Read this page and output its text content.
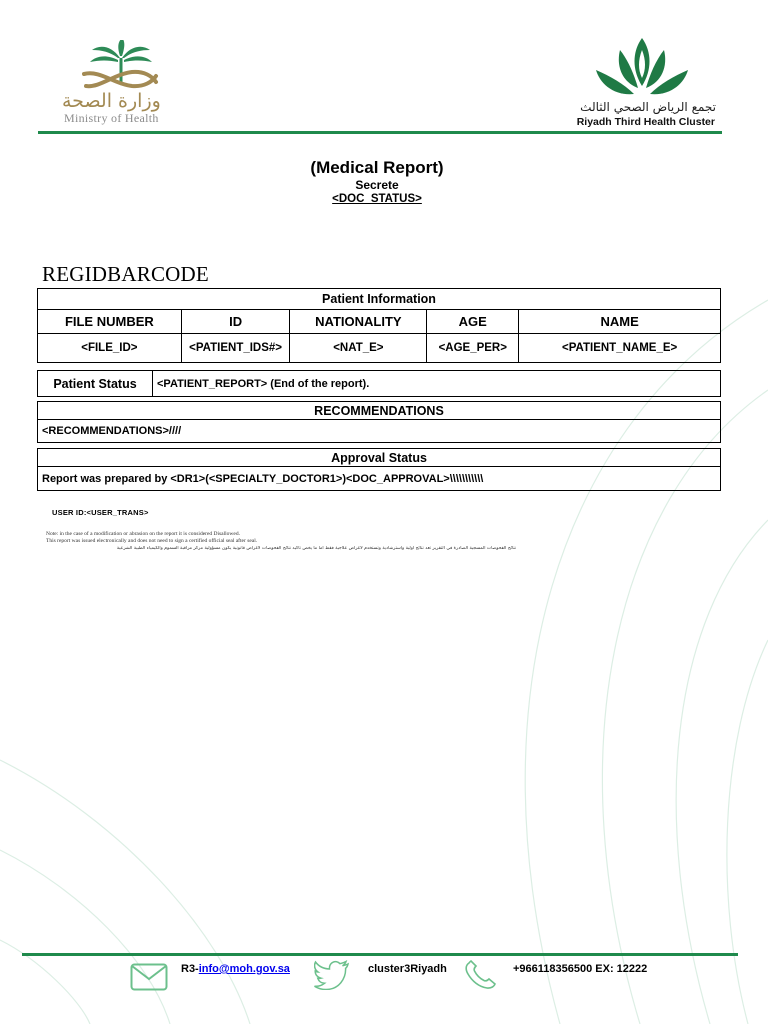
وزارة الصحة
Ministry of Health
تجمع الرياض الصحي الثالث
Riyadh Third Health Cluster
(Medical Report)
Secrete
<DOC_STATUS>
REGIDBARCODE
Patient Information				
FILE NUMBER	ID	NATIONALITY	AGE	NAME
<FILE_ID>	<PATIENT_IDS#>	<NAT_E>	<AGE_PER>	<PATIENT_NAME_E>
Patient Status	<PATIENT_REPORT> (End of the report).
RECOMMENDATIONS
<RECOMMENDATIONS>////
Approval Status
Report was prepared by <DR1>(<SPECIALTY_DOCTOR1>)<DOC_APPROVAL>\\\\\\\\\\\
USER ID:<USER_TRANS>
Note: in the case of a modification or abrasion on the report it is considered Disallowed.
This report was issued electronically and does not need to sign a certified official seal after seal.
نتائج الفحوصات المسجية الصادرة في التقرير تعد نتائج أولية واسترشادية وتستخدم لأغراض علاجية فقط أما ما يخص تأكيد نتائج الفحوصات لأغراض قانونية يكون مسؤولية مركز مراقبة السموم والكيمياء الطبية الشرعية
R3-info@moh.gov.sa	cluster3Riyadh	+966118356500 EX: 12222
